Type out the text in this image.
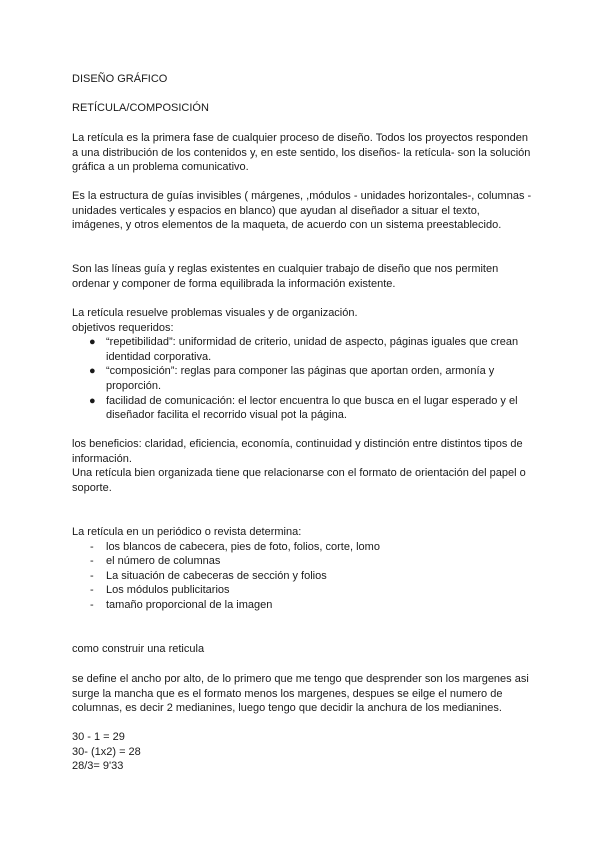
DISEÑO GRÁFICO

RETÍCULA/COMPOSICIÓN

La retícula es la primera fase de cualquier proceso de diseño. Todos los proyectos responden a una distribución de los contenidos y, en este sentido, los diseños- la retícula- son la solución gráfica a un problema comunicativo.

Es la estructura de guías invisibles ( márgenes, ,módulos - unidades horizontales-, columnas - unidades verticales y espacios en blanco) que ayudan al diseñador a situar el texto, imágenes, y otros elementos de la maqueta, de acuerdo con un sistema preestablecido.

Son las líneas guía y reglas existentes en cualquier trabajo de diseño que nos permiten ordenar y componer de forma equilibrada la información existente.

La retícula resuelve problemas visuales y de organización.

objetivos requeridos:

● “repetibilidad”: uniformidad de criterio, unidad de aspecto, páginas iguales que crean identidad corporativa.
● “composición”: reglas para componer las páginas que aportan orden, armonía y proporción.
● facilidad de comunicación: el lector encuentra lo que busca en el lugar esperado y el diseñador facilita el recorrido visual pot la página.

los beneficios: claridad, eficiencia, economía, continuidad y distinción entre distintos tipos de información.

Una retícula bien organizada tiene que relacionarse con el formato de orientación del papel o soporte.

La retícula en un periódico o revista determina:

- los blancos de cabecera, pies de foto, folios, corte, lomo
- el número de columnas
- La situación de cabeceras de sección y folios
- Los módulos publicitarios
- tamaño proporcional de la imagen

como construir una reticula

se define el ancho por alto, de lo primero que me tengo que desprender son los margenes asi surge la mancha que es el formato menos los margenes, despues se eilge el numero de columnas, es decir 2 medianines, luego tengo que decidir la anchura de los medianines.

30 - 1 = 29

30- (1x2) = 28

28/3= 9'33
